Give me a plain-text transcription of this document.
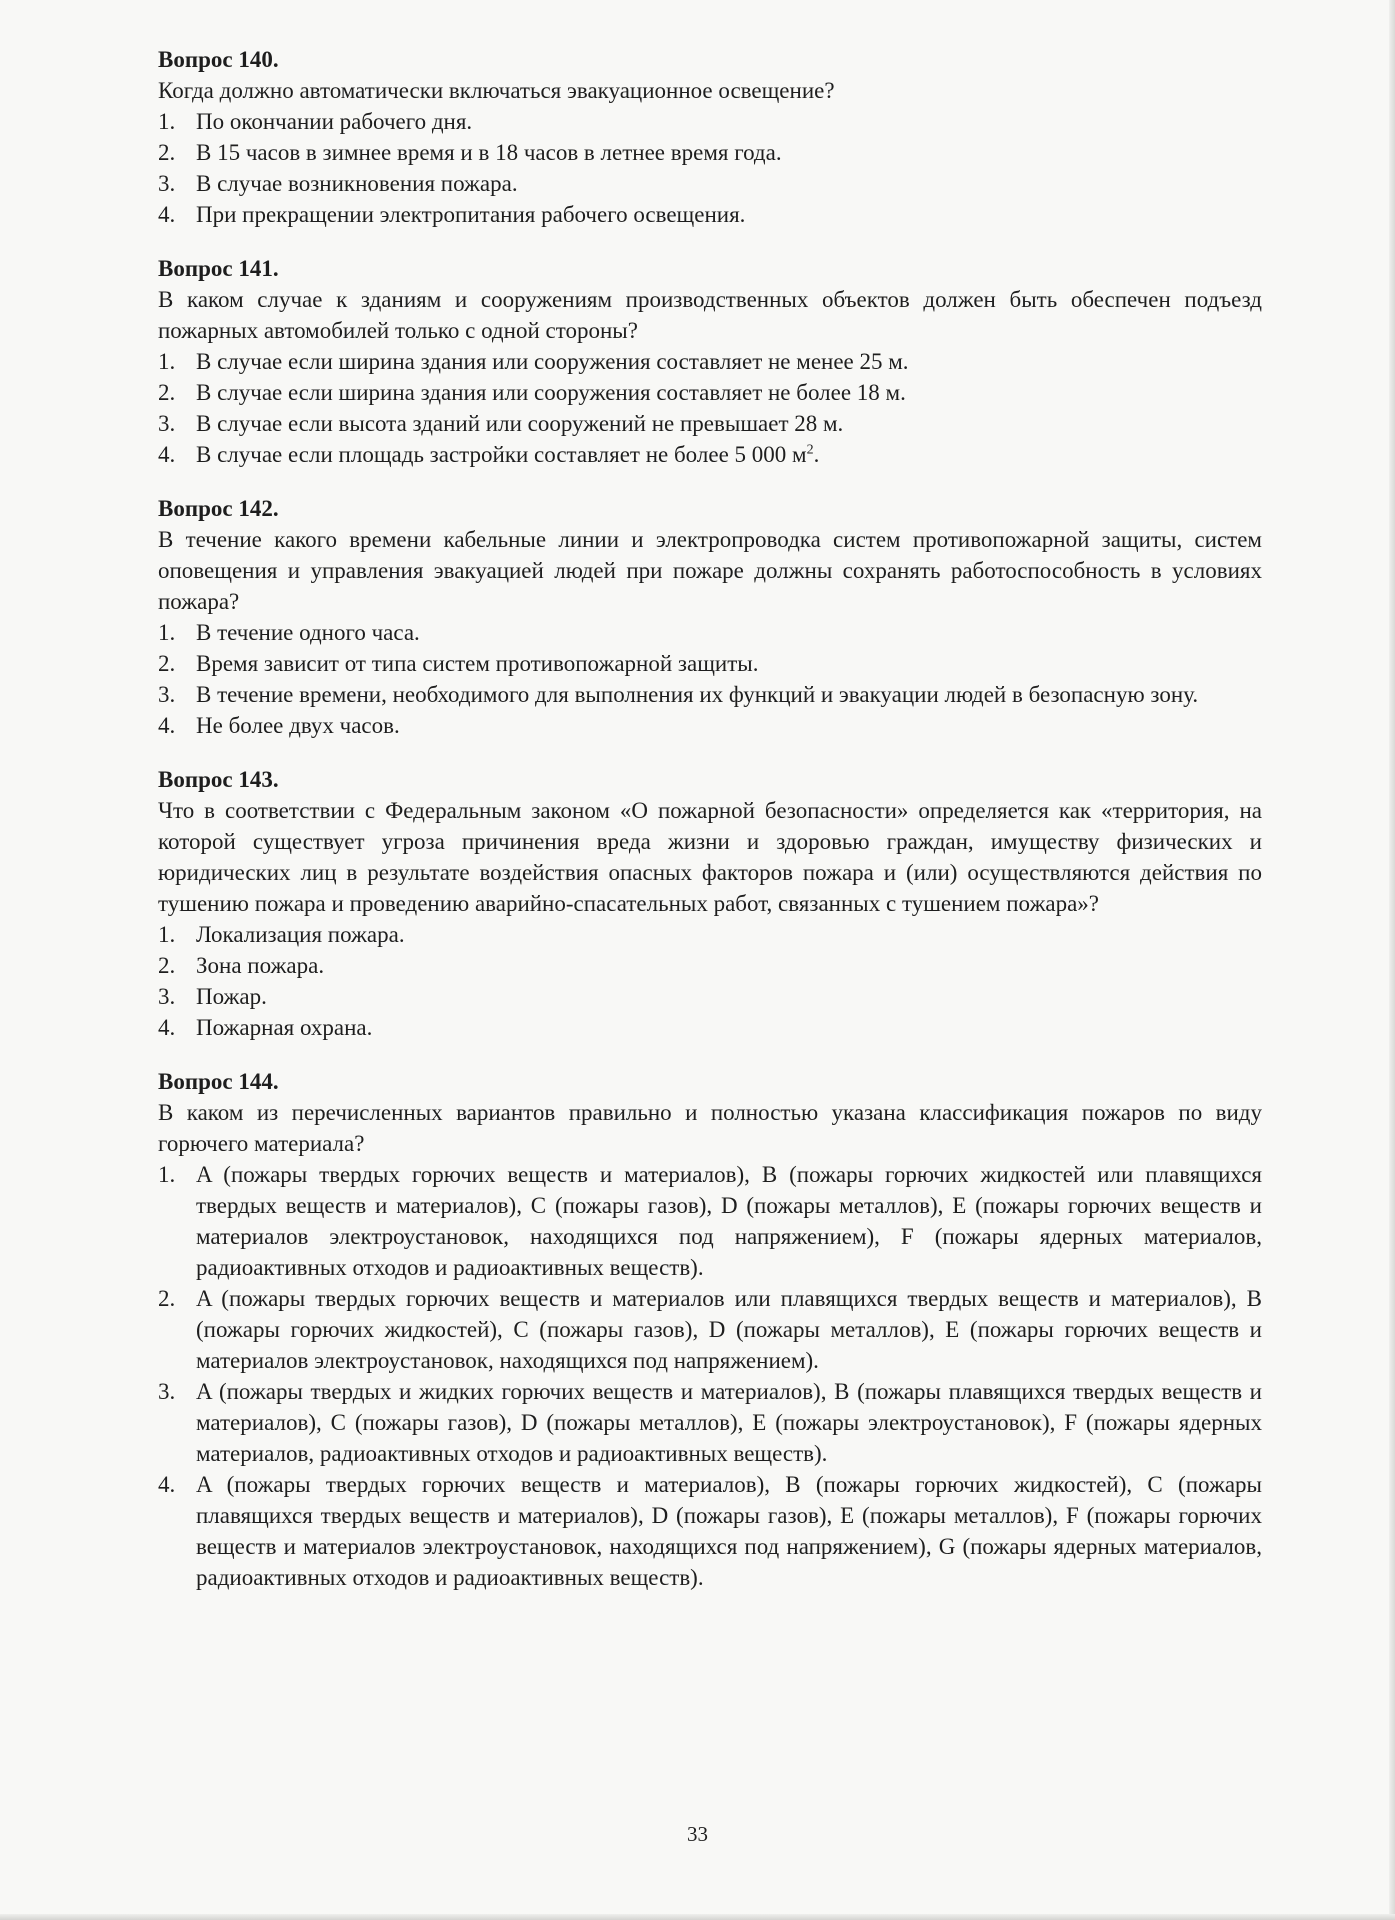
Вопрос 140.
Когда должно автоматически включаться эвакуационное освещение?
1. По окончании рабочего дня.
2. В 15 часов в зимнее время и в 18 часов в летнее время года.
3. В случае возникновения пожара.
4. При прекращении электропитания рабочего освещения.
Вопрос 141.
В каком случае к зданиям и сооружениям производственных объектов должен быть обеспечен подъезд пожарных автомобилей только с одной стороны?
1. В случае если ширина здания или сооружения составляет не менее 25 м.
2. В случае если ширина здания или сооружения составляет не более 18 м.
3. В случае если высота зданий или сооружений не превышает 28 м.
4. В случае если площадь застройки составляет не более 5 000 $м^2$.
Вопрос 142.
В течение какого времени кабельные линии и электропроводка систем противопожарной защиты, систем оповещения и управления эвакуацией людей при пожаре должны сохранять работоспособность в условиях пожара?
1. В течение одного часа.
2. Время зависит от типа систем противопожарной защиты.
3. В течение времени, необходимого для выполнения их функций и эвакуации людей в безопасную зону.
4. Не более двух часов.
Вопрос 143.
Что в соответствии с Федеральным законом «О пожарной безопасности» определяется как «территория, на которой существует угроза причинения вреда жизни и здоровью граждан, имуществу физических и юридических лиц в результате воздействия опасных факторов пожара и (или) осуществляются действия по тушению пожара и проведению аварийно-спасательных работ, связанных с тушением пожара»?
1. Локализация пожара.
2. Зона пожара.
3. Пожар.
4. Пожарная охрана.
Вопрос 144.
В каком из перечисленных вариантов правильно и полностью указана классификация пожаров по виду горючего материала?
1. A (пожары твердых горючих веществ и материалов), B (пожары горючих жидкостей или плавящихся твердых веществ и материалов), C (пожары газов), D (пожары металлов), E (пожары горючих веществ и материалов электроустановок, находящихся под напряжением), F (пожары ядерных материалов, радиоактивных отходов и радиоактивных веществ).
2. A (пожары твердых горючих веществ и материалов или плавящихся твердых веществ и материалов), B (пожары горючих жидкостей), C (пожары газов), D (пожары металлов), E (пожары горючих веществ и материалов электроустановок, находящихся под напряжением).
3. A (пожары твердых и жидких горючих веществ и материалов), B (пожары плавящихся твердых веществ и материалов), C (пожары газов), D (пожары металлов), E (пожары электроустановок), F (пожары ядерных материалов, радиоактивных отходов и радиоактивных веществ).
4. A (пожары твердых горючих веществ и материалов), B (пожары горючих жидкостей), C (пожары плавящихся твердых веществ и материалов), D (пожары газов), E (пожары металлов), F (пожары горючих веществ и материалов электроустановок, находящихся под напряжением), G (пожары ядерных материалов, радиоактивных отходов и радиоактивных веществ).
33
